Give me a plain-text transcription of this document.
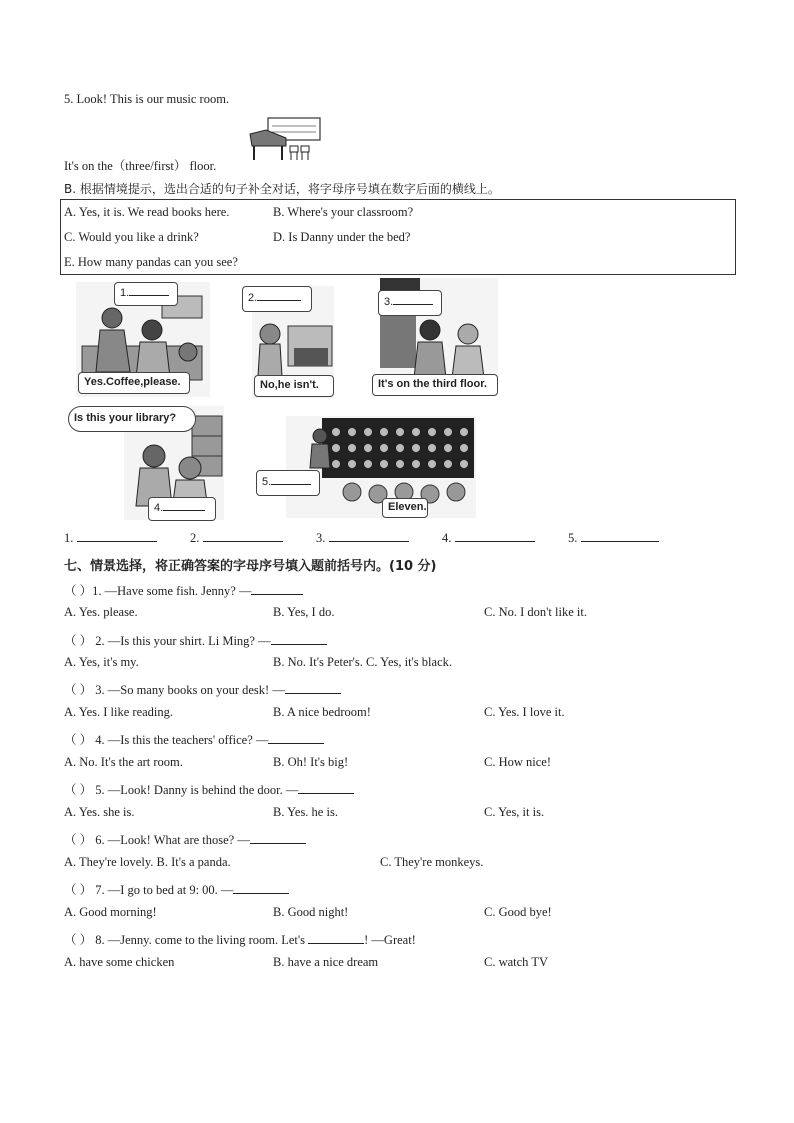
5. Look! This is our music room.
It's on the（three/first） floor.
B. 根据情境提示，选出合适的句子补全对话，将字母序号填在数字后面的横线上。
A. Yes, it is. We read books here.	B. Where's your classroom?
C. Would you like a drink?	D. Is Danny under the bed?
E. How many pandas can you see?
1.
Yes.Coffee,please.
2.
No,he isn't.
3.
It's on the third floor.
Is this your library?
4.
5.
Eleven.
1.	2.	3.	4.	5.
七、情景选择，将正确答案的字母序号填入题前括号内。(10 分)
（ ）1. —Have some fish. Jenny? —
A. Yes. please.	B. Yes, I do.	C. No. I don't like it.
（ ） 2. —Is this your shirt. Li Ming? —
A. Yes, it's my.	B. No. It's Peter's. C. Yes, it's black.
（ ） 3. —So many books on your desk! —
A. Yes. I like reading.	B. A nice bedroom!	C. Yes. I love it.
（ ） 4. —Is this the teachers' office? —
A. No. It's the art room.	B. Oh! It's big!	C. How nice!
（ ） 5. —Look! Danny is behind the door. —
A. Yes. she is.	B. Yes. he is.	C. Yes, it is.
（ ） 6. —Look! What are those? —
A. They're lovely. B. It's a panda.	C. They're monkeys.
（ ） 7. —I go to bed at 9: 00. —
A. Good morning!	B. Good night!	C. Good bye!
（ ） 8. —Jenny. come to the living room. Let's	! —Great!
A. have some chicken	B. have a nice dream	C. watch TV
